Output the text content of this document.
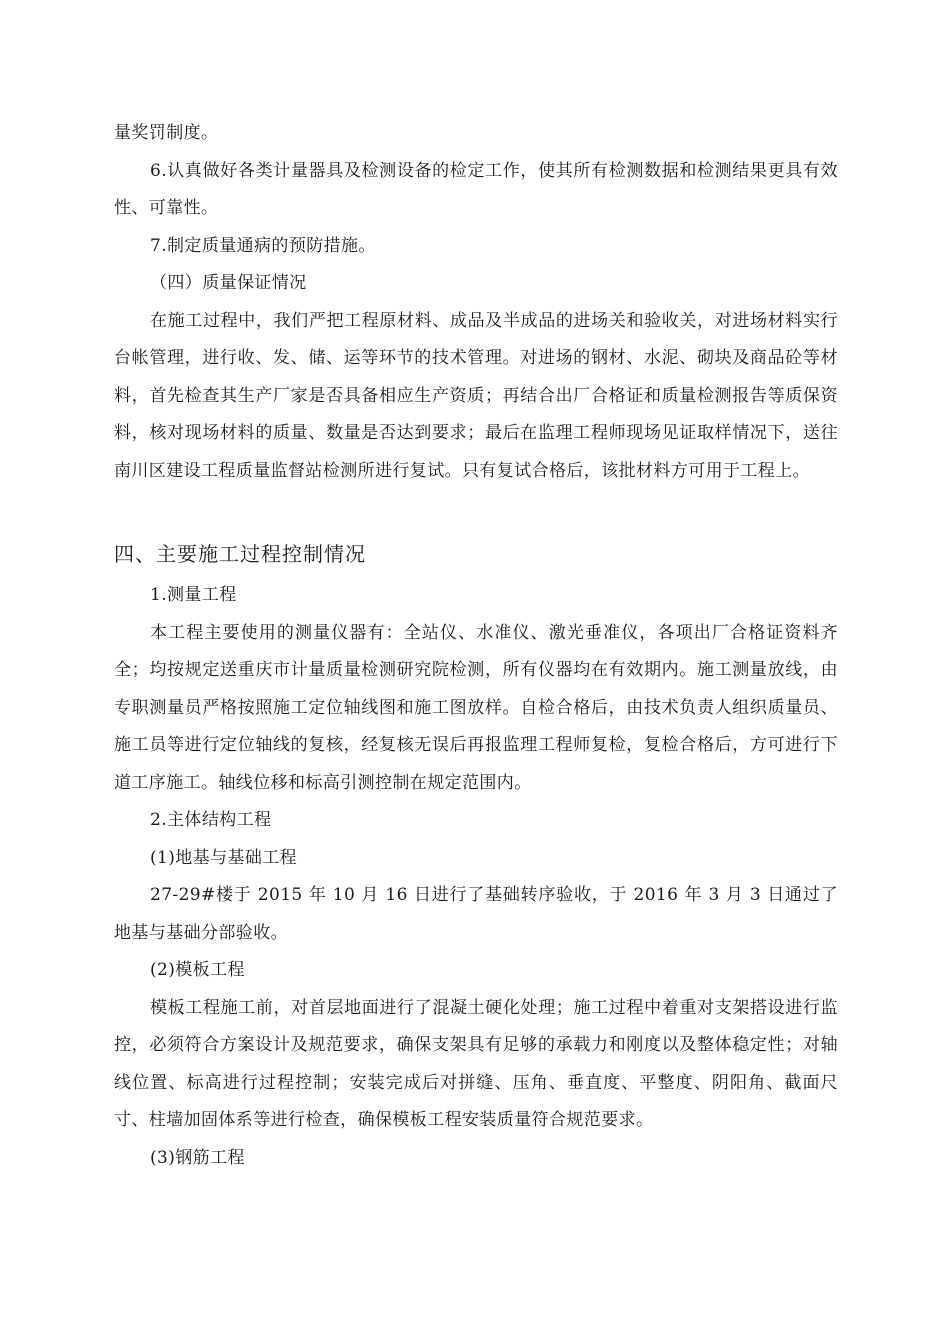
量奖罚制度。

6.认真做好各类计量器具及检测设备的检定工作，使其所有检测数据和检测结果更具有效性、可靠性。

7.制定质量通病的预防措施。

（四）质量保证情况

在施工过程中，我们严把工程原材料、成品及半成品的进场关和验收关，对进场材料实行台帐管理，进行收、发、储、运等环节的技术管理。对进场的钢材、水泥、砌块及商品砼等材料，首先检查其生产厂家是否具备相应生产资质；再结合出厂合格证和质量检测报告等质保资料，核对现场材料的质量、数量是否达到要求；最后在监理工程师现场见证取样情况下，送往南川区建设工程质量监督站检测所进行复试。只有复试合格后，该批材料方可用于工程上。

四、主要施工过程控制情况

1.测量工程

本工程主要使用的测量仪器有：全站仪、水准仪、激光垂准仪，各项出厂合格证资料齐全；均按规定送重庆市计量质量检测研究院检测，所有仪器均在有效期内。施工测量放线，由专职测量员严格按照施工定位轴线图和施工图放样。自检合格后，由技术负责人组织质量员、施工员等进行定位轴线的复核，经复核无误后再报监理工程师复检，复检合格后，方可进行下道工序施工。轴线位移和标高引测控制在规定范围内。

2.主体结构工程

(1)地基与基础工程

27-29#楼于 2015 年 10 月 16 日进行了基础转序验收，于 2016 年 3 月 3 日通过了地基与基础分部验收。

(2)模板工程

模板工程施工前，对首层地面进行了混凝土硬化处理；施工过程中着重对支架搭设进行监控，必须符合方案设计及规范要求，确保支架具有足够的承载力和刚度以及整体稳定性；对轴线位置、标高进行过程控制；安装完成后对拼缝、压角、垂直度、平整度、阴阳角、截面尺寸、柱墙加固体系等进行检查，确保模板工程安装质量符合规范要求。

(3)钢筋工程
